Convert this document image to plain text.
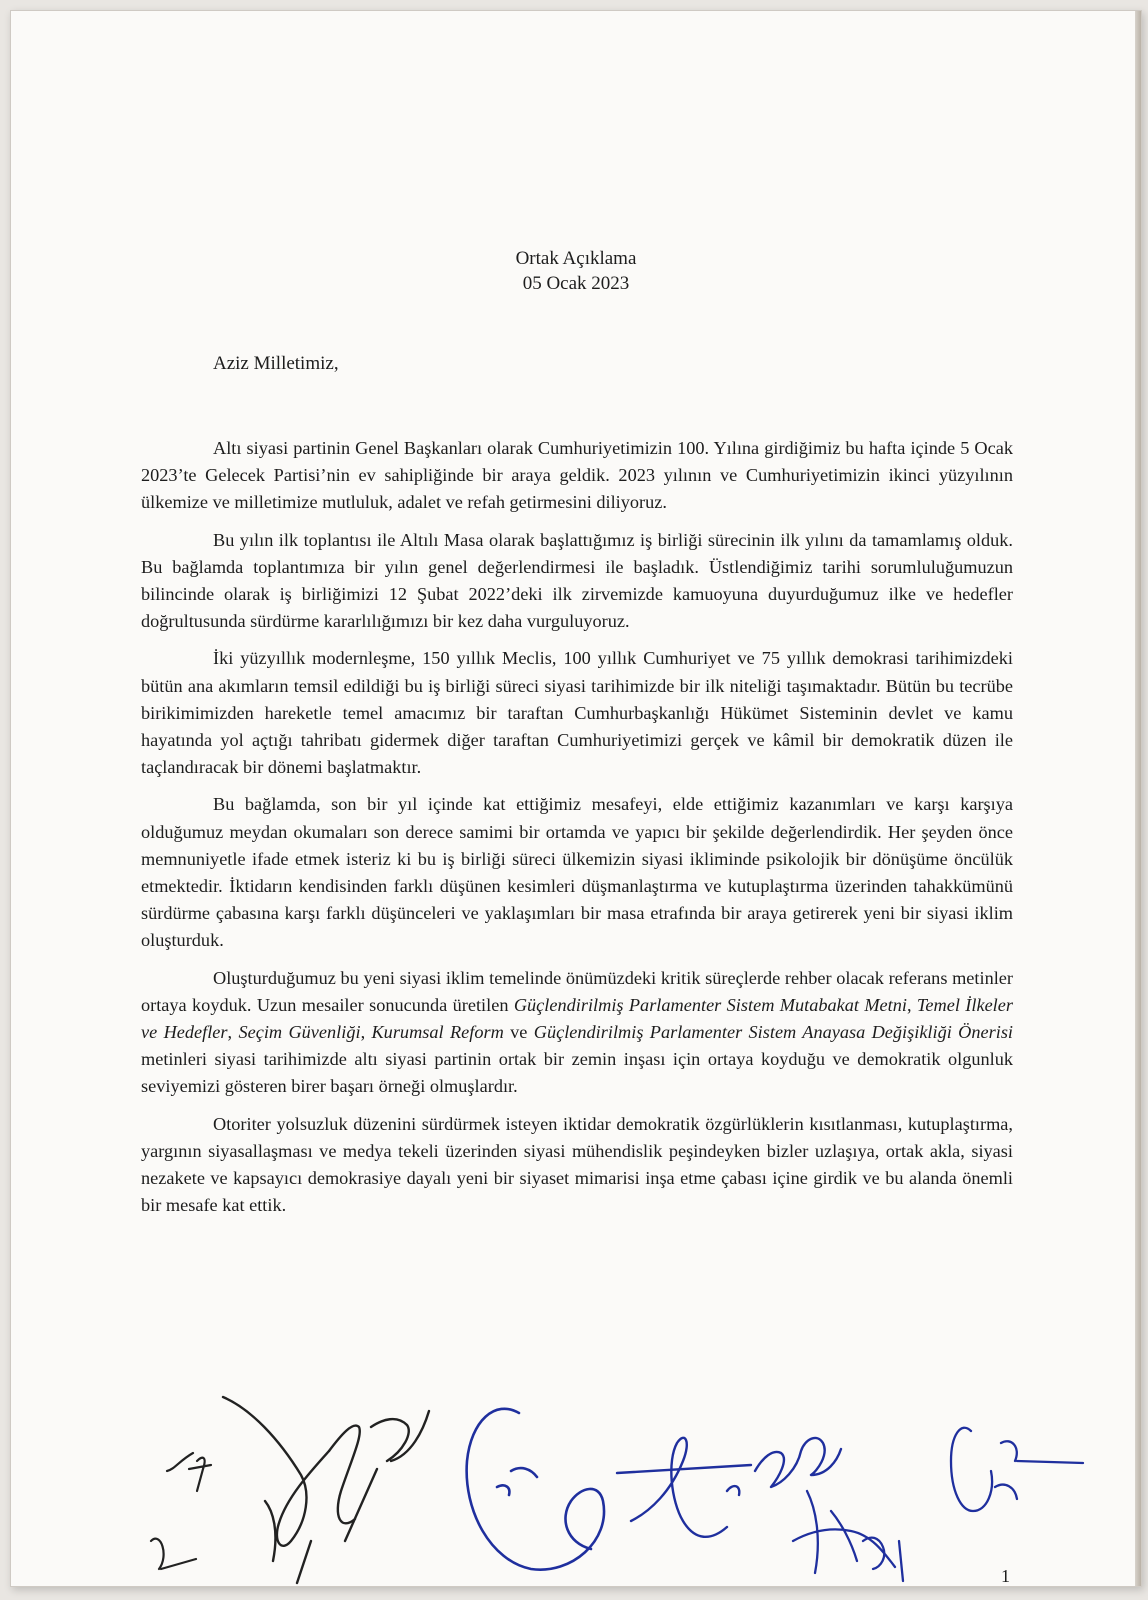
Ortak Açıklama
05 Ocak 2023

Aziz Milletimiz,

Altı siyasi partinin Genel Başkanları olarak Cumhuriyetimizin 100. Yılına girdiğimiz bu hafta içinde 5 Ocak 2023’te Gelecek Partisi’nin ev sahipliğinde bir araya geldik. 2023 yılının ve Cumhuriyetimizin ikinci yüzyılının ülkemize ve milletimize mutluluk, adalet ve refah getirmesini diliyoruz.

Bu yılın ilk toplantısı ile Altılı Masa olarak başlattığımız iş birliği sürecinin ilk yılını da tamamlamış olduk. Bu bağlamda toplantımıza bir yılın genel değerlendirmesi ile başladık. Üstlendiğimiz tarihi sorumluluğumuzun bilincinde olarak iş birliğimizi 12 Şubat 2022’deki ilk zirvemizde kamuoyuna duyurduğumuz ilke ve hedefler doğrultusunda sürdürme kararlılığımızı bir kez daha vurguluyoruz.

İki yüzyıllık modernleşme, 150 yıllık Meclis, 100 yıllık Cumhuriyet ve 75 yıllık demokrasi tarihimizdeki bütün ana akımların temsil edildiği bu iş birliği süreci siyasi tarihimizde bir ilk niteliği taşımaktadır. Bütün bu tecrübe birikimimizden hareketle temel amacımız bir taraftan Cumhurbaşkanlığı Hükümet Sisteminin devlet ve kamu hayatında yol açtığı tahribatı gidermek diğer taraftan Cumhuriyetimizi gerçek ve kâmil bir demokratik düzen ile taçlandıracak bir dönemi başlatmaktır.

Bu bağlamda, son bir yıl içinde kat ettiğimiz mesafeyi, elde ettiğimiz kazanımları ve karşı karşıya olduğumuz meydan okumaları son derece samimi bir ortamda ve yapıcı bir şekilde değerlendirdik. Her şeyden önce memnuniyetle ifade etmek isteriz ki bu iş birliği süreci ülkemizin siyasi ikliminde psikolojik bir dönüşüme öncülük etmektedir. İktidarın kendisinden farklı düşünen kesimleri düşmanlaştırma ve kutuplaştırma üzerinden tahakkümünü sürdürme çabasına karşı farklı düşünceleri ve yaklaşımları bir masa etrafında bir araya getirerek yeni bir siyasi iklim oluşturduk.

Oluşturduğumuz bu yeni siyasi iklim temelinde önümüzdeki kritik süreçlerde rehber olacak referans metinler ortaya koyduk. Uzun mesailer sonucunda üretilen Güçlendirilmiş Parlamenter Sistem Mutabakat Metni, Temel İlkeler ve Hedefler, Seçim Güvenliği, Kurumsal Reform ve Güçlendirilmiş Parlamenter Sistem Anayasa Değişikliği Önerisi metinleri siyasi tarihimizde altı siyasi partinin ortak bir zemin inşası için ortaya koyduğu ve demokratik olgunluk seviyemizi gösteren birer başarı örneği olmuşlardır.

Otoriter yolsuzluk düzenini sürdürmek isteyen iktidar demokratik özgürlüklerin kısıtlanması, kutuplaştırma, yargının siyasallaşması ve medya tekeli üzerinden siyasi mühendislik peşindeyken bizler uzlaşıya, ortak akla, siyasi nezakete ve kapsayıcı demokrasiye dayalı yeni bir siyaset mimarisi inşa etme çabası içine girdik ve bu alanda önemli bir mesafe kat ettik.

1
